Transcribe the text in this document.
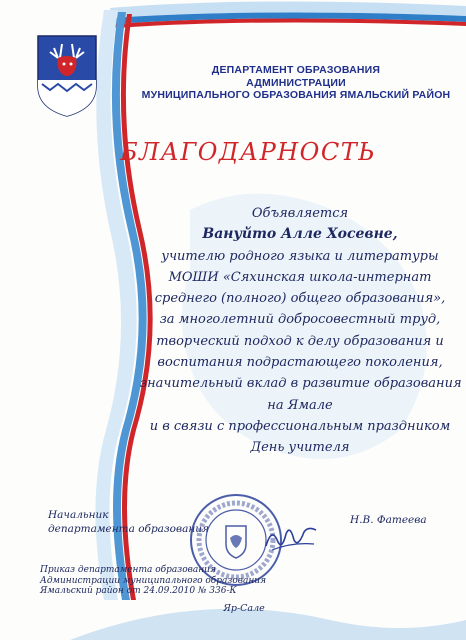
ДЕПАРТАМЕНТ ОБРАЗОВАНИЯ
АДМИНИСТРАЦИИ
МУНИЦИПАЛЬНОГО ОБРАЗОВАНИЯ ЯМАЛЬСКИЙ РАЙОН
БЛАГОДАРНОСТЬ
Объявляется
Вануйто Алле Хосевне,
учителю родного языка и литературы
МОШИ «Сяхинская школа-интернат
среднего (полного) общего образования»,
за многолетний добросовестный труд,
творческий подход к делу образования и
воспитания подрастающего поколения,
значительный вклад в развитие образования
на Ямале
и в связи с профессиональным праздником
День учителя
Начальник
департамента образования
Н.В. Фатеева
Приказ департамента образования
Администрации муниципального образования
Ямальский район от 24.09.2010 № 336-К
Яр-Сале
